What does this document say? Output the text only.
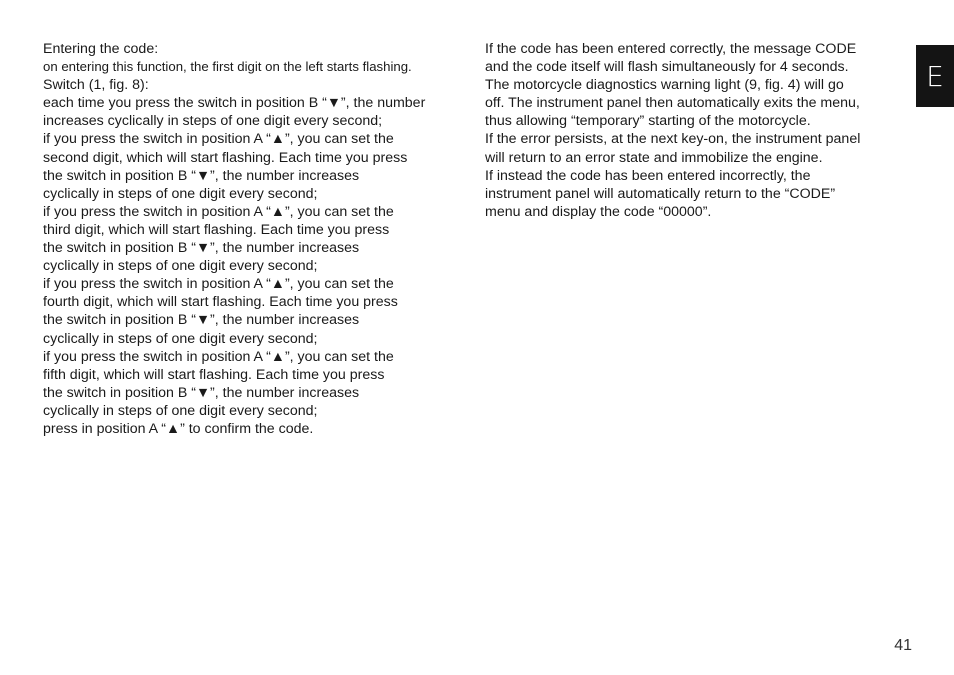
Entering the code:
on entering this function, the first digit on the left starts flashing.
Switch (1, fig. 8):
each time you press the switch in position B “▼”, the number
increases cyclically in steps of one digit every second;
if you press the switch in position A “▲”, you can set the
second digit, which will start flashing. Each time you press
the switch in position B “▼”, the number increases
cyclically in steps of one digit every second;
if you press the switch in position A “▲”, you can set the
third digit, which will start flashing. Each time you press
the switch in position B “▼”, the number increases
cyclically in steps of one digit every second;
if you press the switch in position A “▲”, you can set the
fourth digit, which will start flashing. Each time you press
the switch in position B “▼”, the number increases
cyclically in steps of one digit every second;
if you press the switch in position A “▲”, you can set the
fifth digit, which will start flashing. Each time you press
the switch in position B “▼”, the number increases
cyclically in steps of one digit every second;
press in position A “▲” to confirm the code.
If the code has been entered correctly, the message CODE
and the code itself will flash simultaneously for 4 seconds.
The motorcycle diagnostics warning light (9, fig. 4) will go
off. The instrument panel then automatically exits the menu,
thus allowing “temporary” starting of the motorcycle.
If the error persists, at the next key-on, the instrument panel
will return to an error state and immobilize the engine.
If instead the code has been entered incorrectly, the
instrument panel will automatically return to the “CODE”
menu and display the code “00000”.
E
41
